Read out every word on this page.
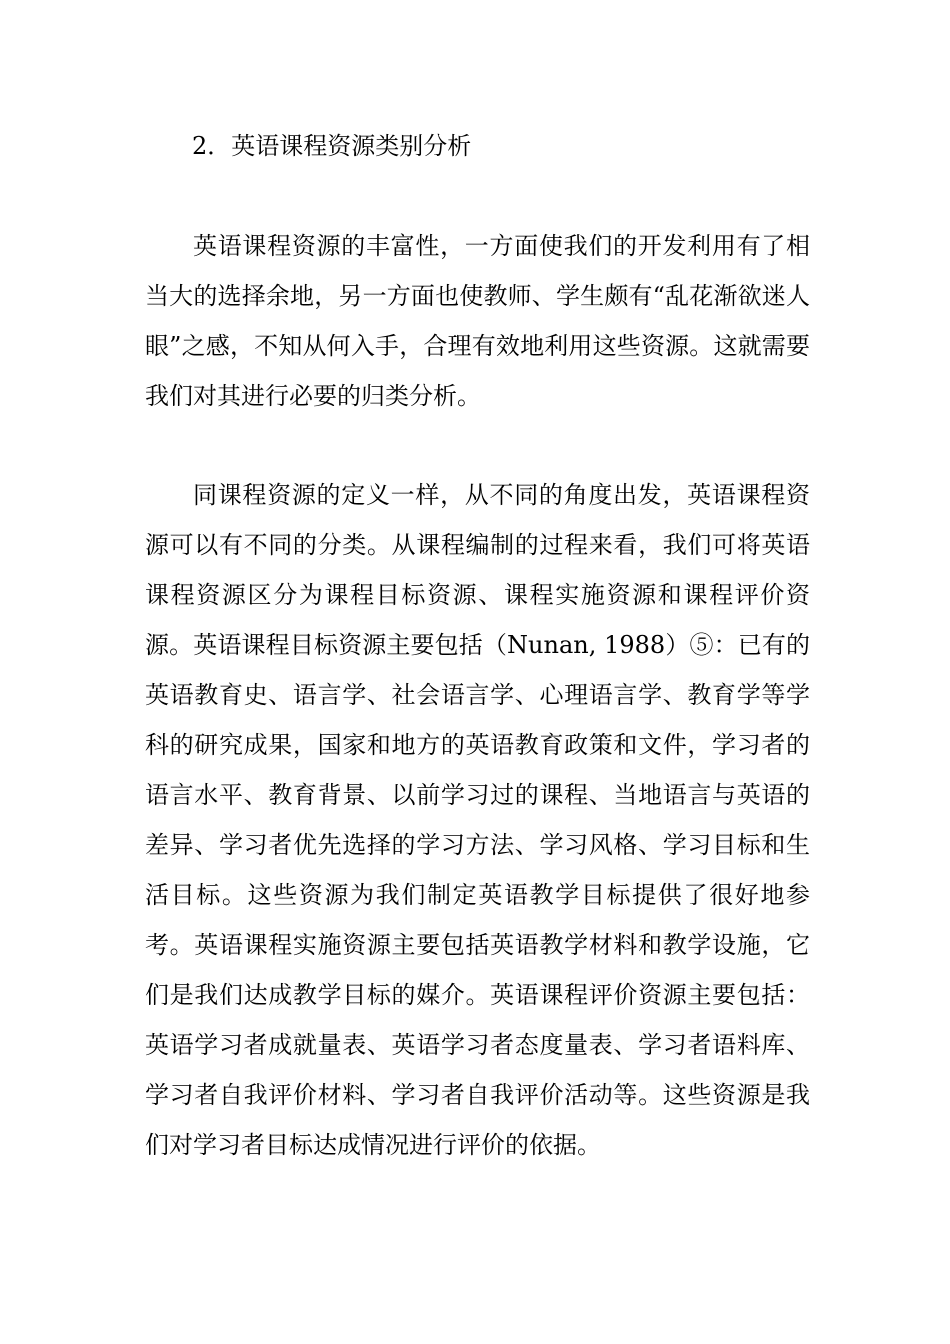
2．英语课程资源类别分析

英语课程资源的丰富性，一方面使我们的开发利用有了相当大的选择余地，另一方面也使教师、学生颇有“乱花渐欲迷人眼”之感，不知从何入手，合理有效地利用这些资源。这就需要我们对其进行必要的归类分析。

同课程资源的定义一样，从不同的角度出发，英语课程资源可以有不同的分类。从课程编制的过程来看，我们可将英语课程资源区分为课程目标资源、课程实施资源和课程评价资源。英语课程目标资源主要包括（Nunan, 1988）⑤：已有的英语教育史、语言学、社会语言学、心理语言学、教育学等学科的研究成果，国家和地方的英语教育政策和文件，学习者的语言水平、教育背景、以前学习过的课程、当地语言与英语的差异、学习者优先选择的学习方法、学习风格、学习目标和生活目标。这些资源为我们制定英语教学目标提供了很好地参考。英语课程实施资源主要包括英语教学材料和教学设施，它们是我们达成教学目标的媒介。英语课程评价资源主要包括：英语学习者成就量表、英语学习者态度量表、学习者语料库、学习者自我评价材料、学习者自我评价活动等。这些资源是我们对学习者目标达成情况进行评价的依据。
